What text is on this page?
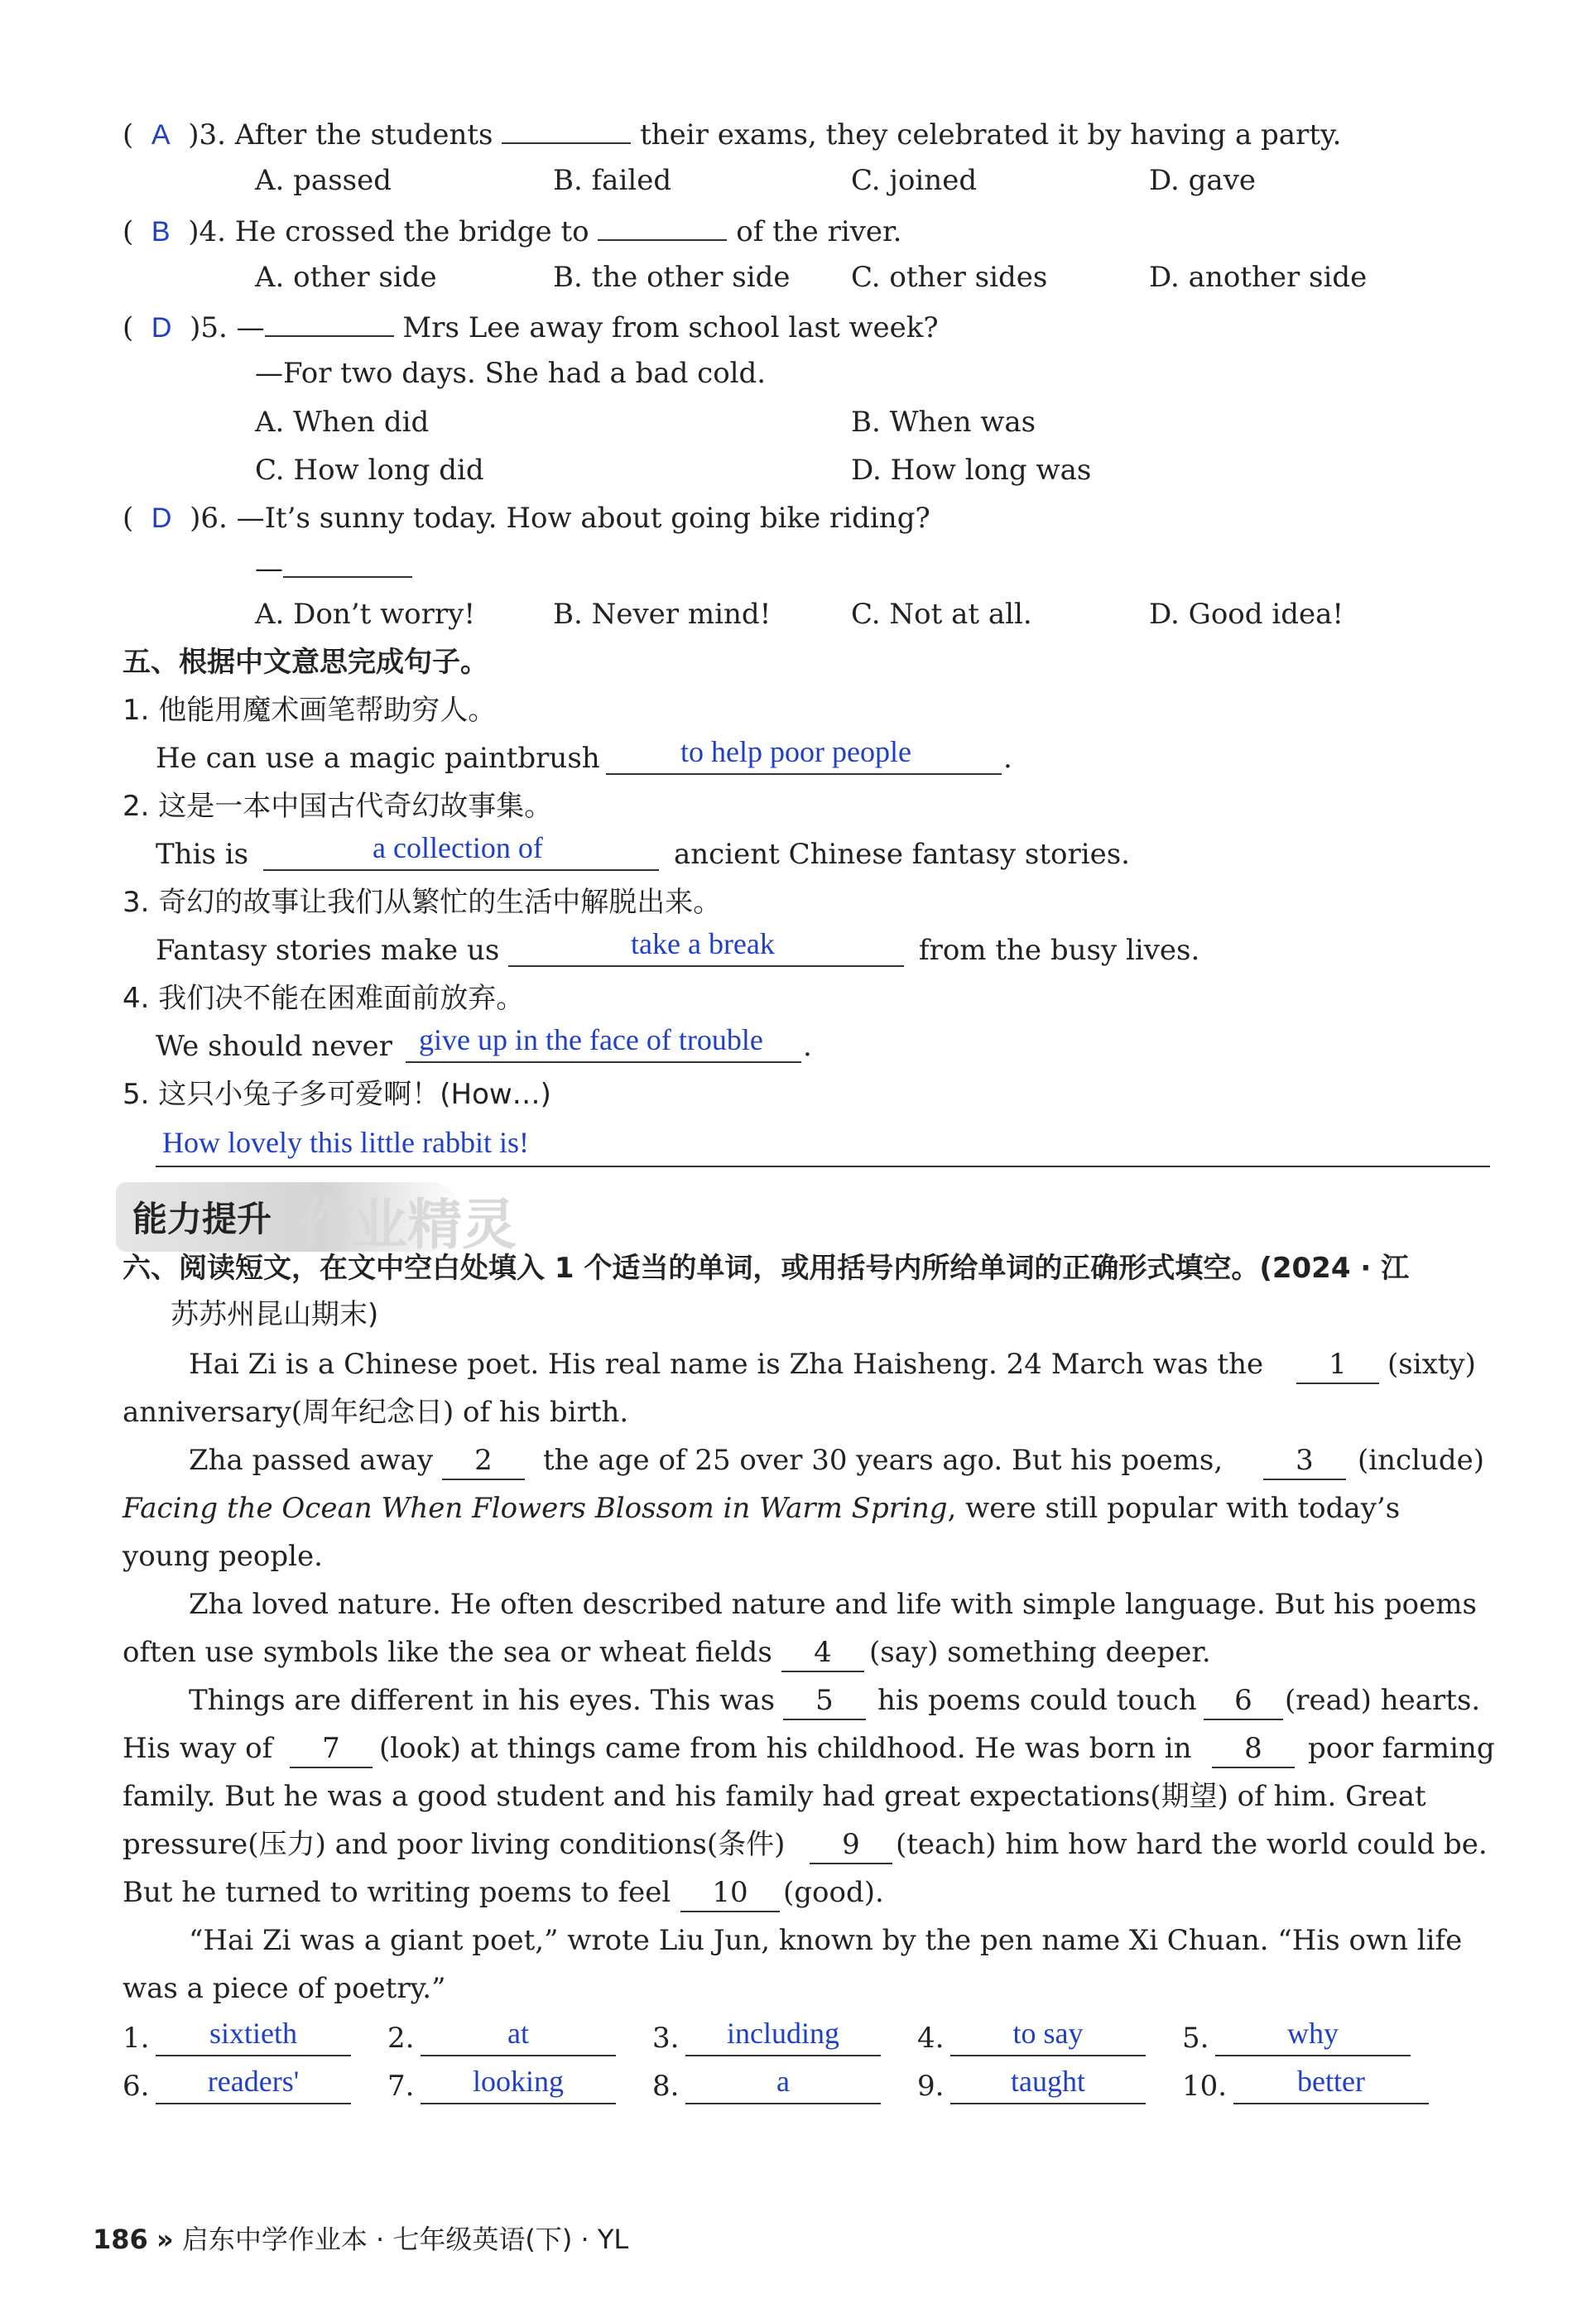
(  A )3. After the students	their exams, they celebrated it by having a party.
A. passed	B. failed	C. joined	D. gave
(  B )4. He crossed the bridge to	of the river.
A. other side	B. the other side C. other sides	D. another side
(  D )5. —	Mrs Lee away from school last week?
—For two days. She had a bad cold.
A. When did	B. When was
C. How long did	D. How long was
(  D )6. —It’s sunny today. How about going bike riding?
—
A. Don’t worry!	B. Never mind!	C. Not at all.	D. Good idea!
五、根据中文意思完成句子。
1. 他能用魔术画笔帮助穷人。
He can use a magic paintbrush	to help poor people	.
2. 这是一本中国古代奇幻故事集。
This is	a collection of	ancient Chinese fantasy stories.
3. 奇幻的故事让我们从繁忙的生活中解脱出来。
Fantasy stories make us	take a break	from the busy lives.
4. 我们决不能在困难面前放弃。
We should never give up in the face of trouble .
5. 这只小兔子多可爱啊！(How…)
How lovely this little rabbit is!
能力提升 作业精灵
六、阅读短文，在文中空白处填入 1 个适当的单词，或用括号内所给单词的正确形式填空。(2024 · 江
苏苏州昆山期末)
Hai Zi is a Chinese poet. His real name is Zha Haisheng. 24 March was the	1	(sixty)
anniversary(周年纪念日) of his birth.
Zha passed away	2	the age of 25 over 30 years ago. But his poems,	3	(include)
Facing the Ocean When Flowers Blossom in Warm Spring, were still popular with today’s
young people.
Zha loved nature. He often described nature and life with simple language. But his poems
often use symbols like the sea or wheat fields	4	(say) something deeper.
Things are different in his eyes. This was	5	his poems could touch	6	(read) hearts.
His way of	7	(look) at things came from his childhood. He was born in	8	poor farming
family. But he was a good student and his family had great expectations(期望) of him. Great
pressure(压力) and poor living conditions(条件)	9	(teach) him how hard the world could be.
But he turned to writing poems to feel	10	(good).
“Hai Zi was a giant poet,” wrote Liu Jun, known by the pen name Xi Chuan. “His own life
was a piece of poetry.”
1.	sixtieth	2.	at	3.	including	4.	to say	5.	why
6.	readers'	7.	looking	8.	a	9.	taught	10.	better
186 » 启东中学作业本 · 七年级英语(下) · YL
